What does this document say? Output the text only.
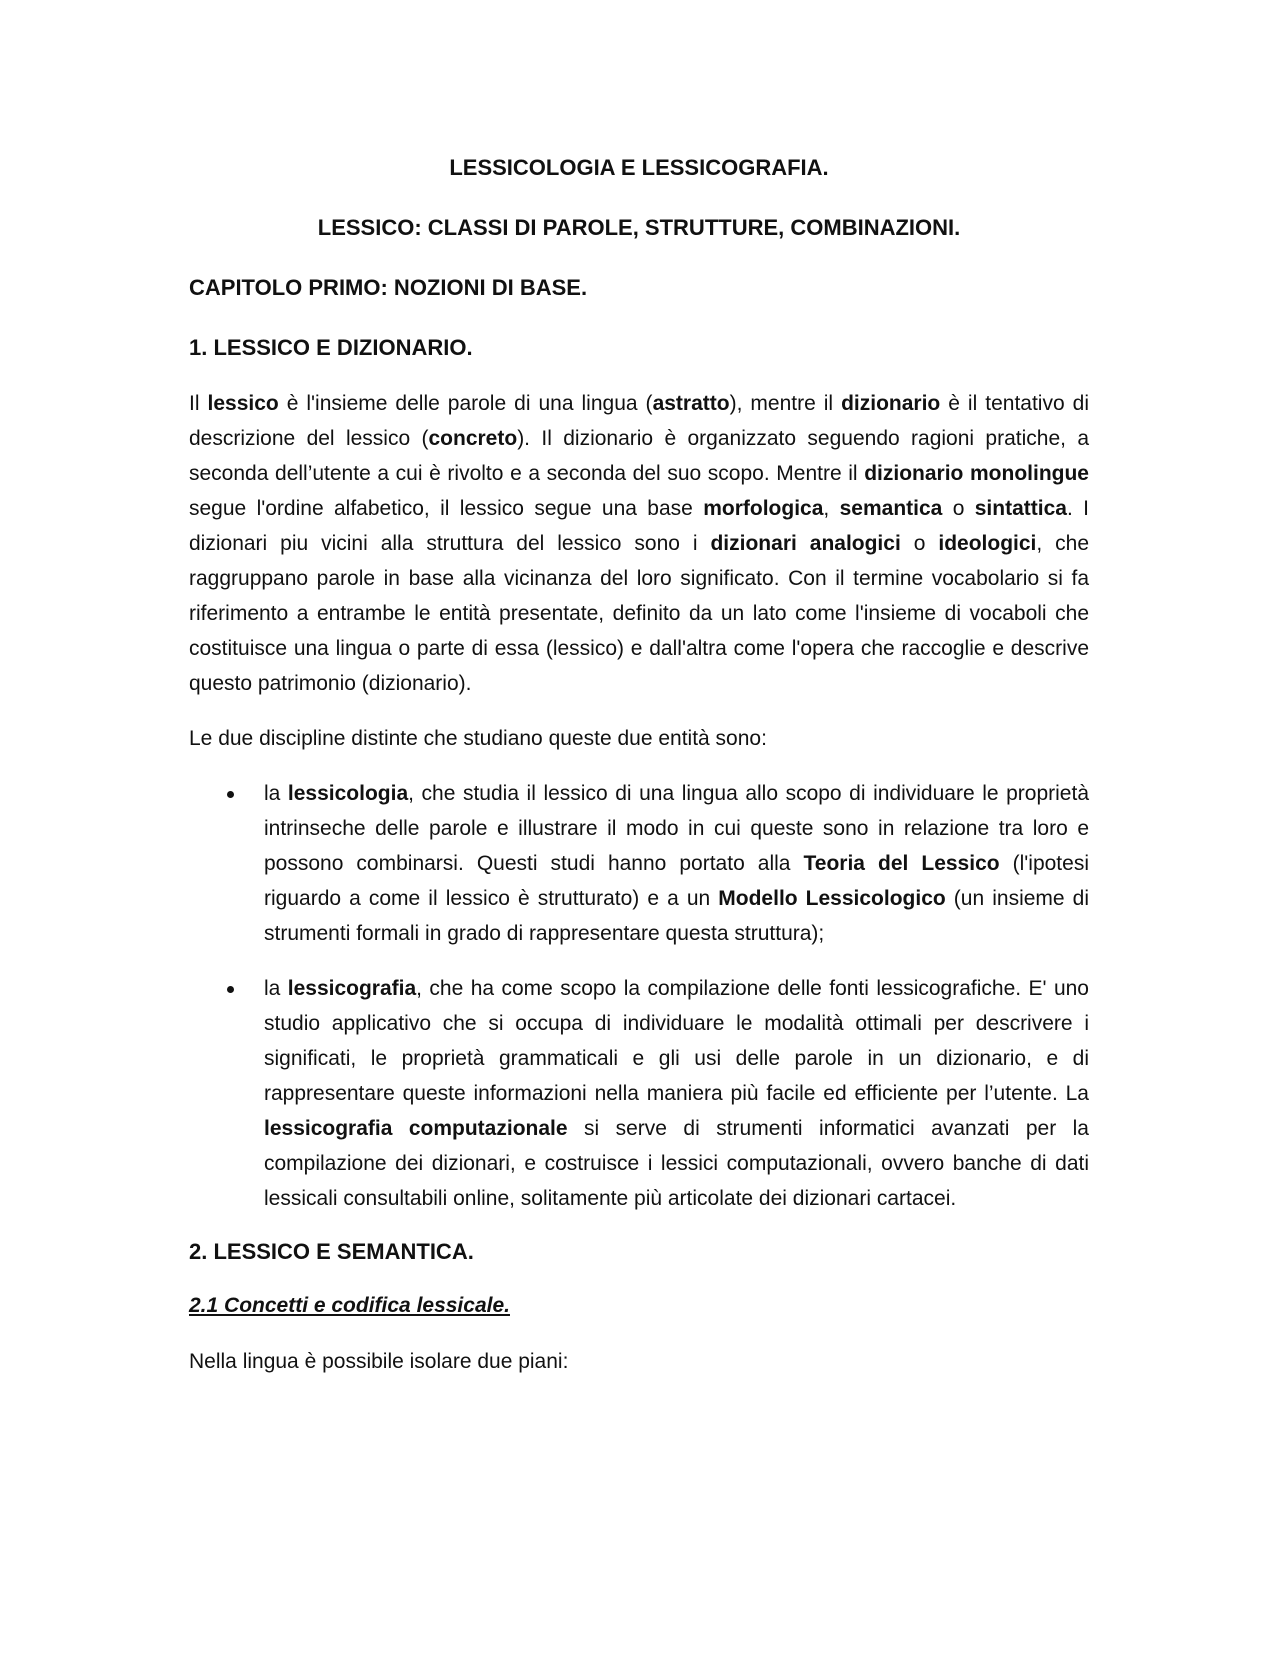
LESSICOLOGIA E LESSICOGRAFIA.
LESSICO: CLASSI DI PAROLE, STRUTTURE, COMBINAZIONI.
CAPITOLO PRIMO: NOZIONI DI BASE.
1. LESSICO E DIZIONARIO.

Il lessico è l'insieme delle parole di una lingua (astratto), mentre il dizionario è il tentativo di descrizione del lessico (concreto). Il dizionario è organizzato seguendo ragioni pratiche, a seconda dell’utente a cui è rivolto e a seconda del suo scopo. Mentre il dizionario monolingue segue l'ordine alfabetico, il lessico segue una base morfologica, semantica o sintattica. I dizionari piu vicini alla struttura del lessico sono i dizionari analogici o ideologici, che raggruppano parole in base alla vicinanza del loro significato. Con il termine vocabolario si fa riferimento a entrambe le entità presentate, definito da un lato come l'insieme di vocaboli che costituisce una lingua o parte di essa (lessico) e dall'altra come l'opera che raccoglie e descrive questo patrimonio (dizionario).

Le due discipline distinte che studiano queste due entità sono:

la lessicologia, che studia il lessico di una lingua allo scopo di individuare le proprietà intrinseche delle parole e illustrare il modo in cui queste sono in relazione tra loro e possono combinarsi. Questi studi hanno portato alla Teoria del Lessico (l'ipotesi riguardo a come il lessico è strutturato) e a un Modello Lessicologico (un insieme di strumenti formali in grado di rappresentare questa struttura);
la lessicografia, che ha come scopo la compilazione delle fonti lessicografiche. E' uno studio applicativo che si occupa di individuare le modalità ottimali per descrivere i significati, le proprietà grammaticali e gli usi delle parole in un dizionario, e di rappresentare queste informazioni nella maniera più facile ed efficiente per l’utente. La lessicografia computazionale si serve di strumenti informatici avanzati per la compilazione dei dizionari, e costruisce i lessici computazionali, ovvero banche di dati lessicali consultabili online, solitamente più articolate dei dizionari cartacei.
2. LESSICO E SEMANTICA.
2.1 Concetti e codifica lessicale.

Nella lingua è possibile isolare due piani:
